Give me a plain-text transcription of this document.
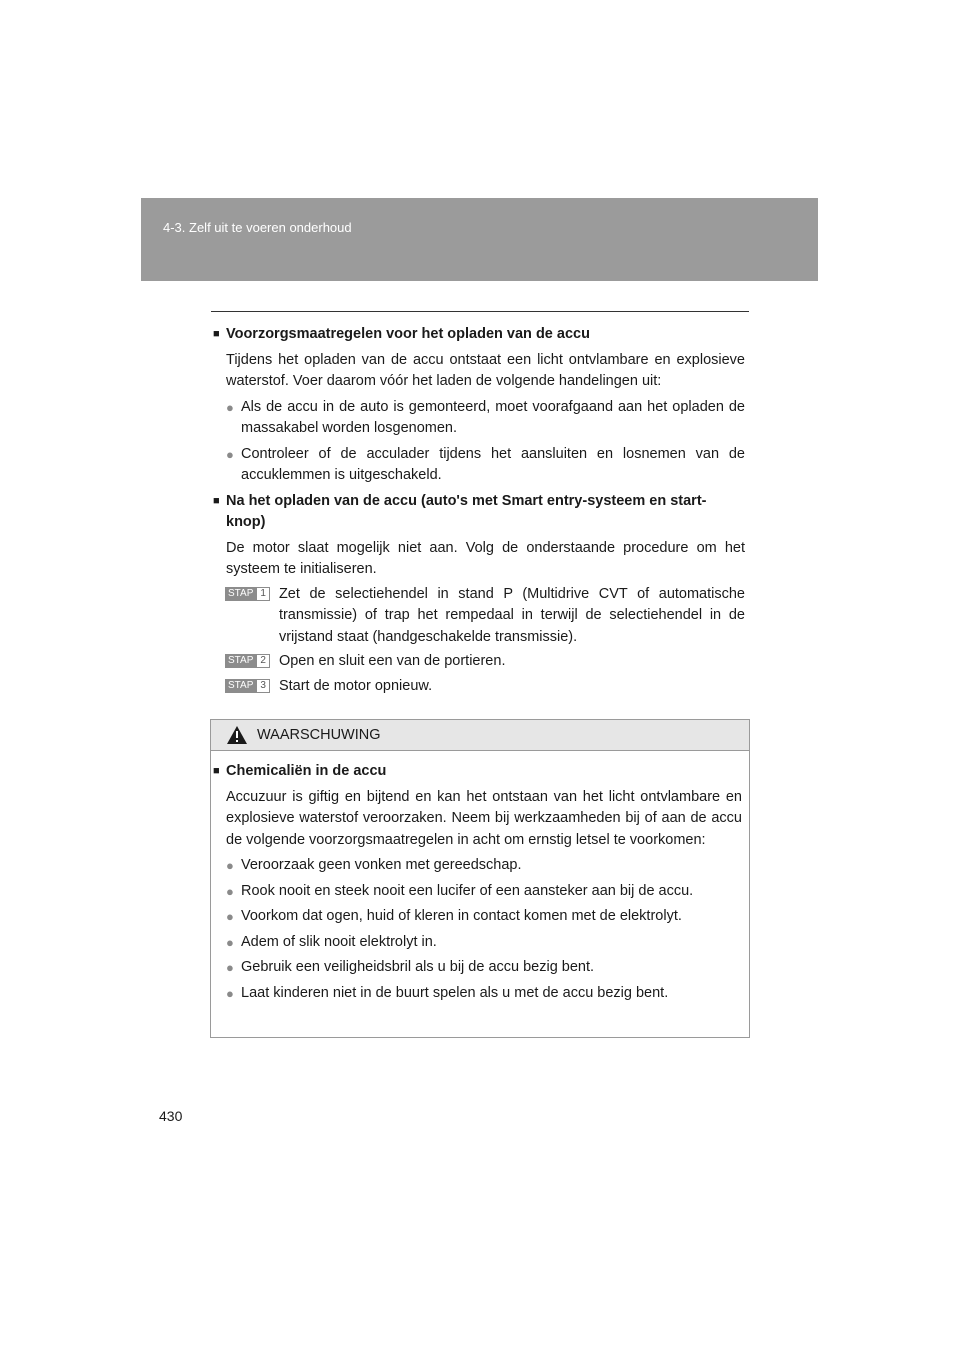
4-3. Zelf uit te voeren onderhoud
■ Voorzorgsmaatregelen voor het opladen van de accu
Tijdens het opladen van de accu ontstaat een licht ontvlambare en explosieve waterstof. Voer daarom vóór het laden de volgende handelingen uit:
● Als de accu in de auto is gemonteerd, moet voorafgaand aan het opladen de massakabel worden losgenomen.
● Controleer of de acculader tijdens het aansluiten en losnemen van de accuklemmen is uitgeschakeld.
■ Na het opladen van de accu (auto's met Smart entry-systeem en start-knop)
De motor slaat mogelijk niet aan. Volg de onderstaande procedure om het systeem te initialiseren.
STAP 1 Zet de selectiehendel in stand P (Multidrive CVT of automatische transmissie) of trap het rempedaal in terwijl de selectiehendel in de vrijstand staat (handgeschakelde transmissie).
STAP 2 Open en sluit een van de portieren.
STAP 3 Start de motor opnieuw.
WAARSCHUWING
■ Chemicaliën in de accu
Accuzuur is giftig en bijtend en kan het ontstaan van het licht ontvlambare en explosieve waterstof veroorzaken. Neem bij werkzaamheden bij of aan de accu de volgende voorzorgsmaatregelen in acht om ernstig letsel te voorkomen:
● Veroorzaak geen vonken met gereedschap.
● Rook nooit en steek nooit een lucifer of een aansteker aan bij de accu.
● Voorkom dat ogen, huid of kleren in contact komen met de elektrolyt.
● Adem of slik nooit elektrolyt in.
● Gebruik een veiligheidsbril als u bij de accu bezig bent.
● Laat kinderen niet in de buurt spelen als u met de accu bezig bent.
430
